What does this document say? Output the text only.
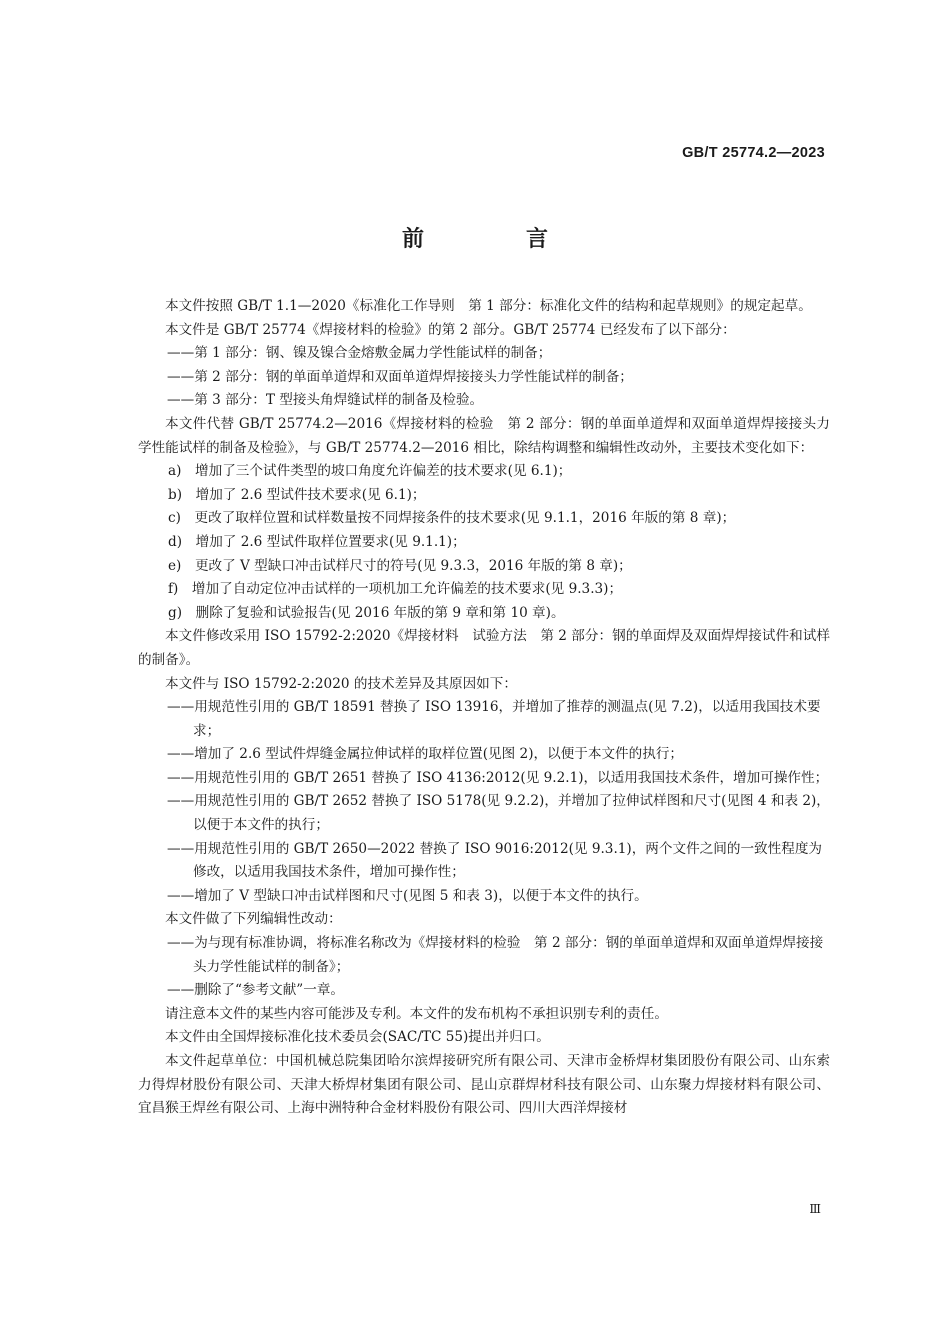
GB/T 25774.2—2023
前　言

本文件按照 GB/T 1.1—2020《标准化工作导则　第 1 部分：标准化文件的结构和起草规则》的规定起草。

本文件是 GB/T 25774《焊接材料的检验》的第 2 部分。GB/T 25774 已经发布了以下部分：

——第 1 部分：钢、镍及镍合金熔敷金属力学性能试样的制备；

——第 2 部分：钢的单面单道焊和双面单道焊焊接接头力学性能试样的制备；

——第 3 部分：T 型接头角焊缝试样的制备及检验。

本文件代替 GB/T 25774.2—2016《焊接材料的检验　第 2 部分：钢的单面单道焊和双面单道焊焊接接头力学性能试样的制备及检验》，与 GB/T 25774.2—2016 相比，除结构调整和编辑性改动外，主要技术变化如下：

a)　增加了三个试件类型的坡口角度允许偏差的技术要求(见 6.1)；

b)　增加了 2.6 型试件技术要求(见 6.1)；

c)　更改了取样位置和试样数量按不同焊接条件的技术要求(见 9.1.1，2016 年版的第 8 章)；

d)　增加了 2.6 型试件取样位置要求(见 9.1.1)；

e)　更改了 V 型缺口冲击试样尺寸的符号(见 9.3.3，2016 年版的第 8 章)；

f)　增加了自动定位冲击试样的一项机加工允许偏差的技术要求(见 9.3.3)；

g)　删除了复验和试验报告(见 2016 年版的第 9 章和第 10 章)。

本文件修改采用 ISO 15792-2:2020《焊接材料　试验方法　第 2 部分：钢的单面焊及双面焊焊接试件和试样的制备》。

本文件与 ISO 15792-2:2020 的技术差异及其原因如下：

——用规范性引用的 GB/T 18591 替换了 ISO 13916，并增加了推荐的测温点(见 7.2)，以适用我国技术要求；

——增加了 2.6 型试件焊缝金属拉伸试样的取样位置(见图 2)，以便于本文件的执行；

——用规范性引用的 GB/T 2651 替换了 ISO 4136:2012(见 9.2.1)，以适用我国技术条件，增加可操作性；

——用规范性引用的 GB/T 2652 替换了 ISO 5178(见 9.2.2)，并增加了拉伸试样图和尺寸(见图 4 和表 2)，以便于本文件的执行；

——用规范性引用的 GB/T 2650—2022 替换了 ISO 9016:2012(见 9.3.1)，两个文件之间的一致性程度为修改，以适用我国技术条件，增加可操作性；

——增加了 V 型缺口冲击试样图和尺寸(见图 5 和表 3)，以便于本文件的执行。

本文件做了下列编辑性改动：

——为与现有标准协调，将标准名称改为《焊接材料的检验　第 2 部分：钢的单面单道焊和双面单道焊焊接接头力学性能试样的制备》；

——删除了“参考文献”一章。

请注意本文件的某些内容可能涉及专利。本文件的发布机构不承担识别专利的责任。

本文件由全国焊接标准化技术委员会(SAC/TC 55)提出并归口。

本文件起草单位：中国机械总院集团哈尔滨焊接研究所有限公司、天津市金桥焊材集团股份有限公司、山东索力得焊材股份有限公司、天津大桥焊材集团有限公司、昆山京群焊材科技有限公司、山东聚力焊接材料有限公司、宜昌猴王焊丝有限公司、上海中洲特种合金材料股份有限公司、四川大西洋焊接材

Ⅲ
